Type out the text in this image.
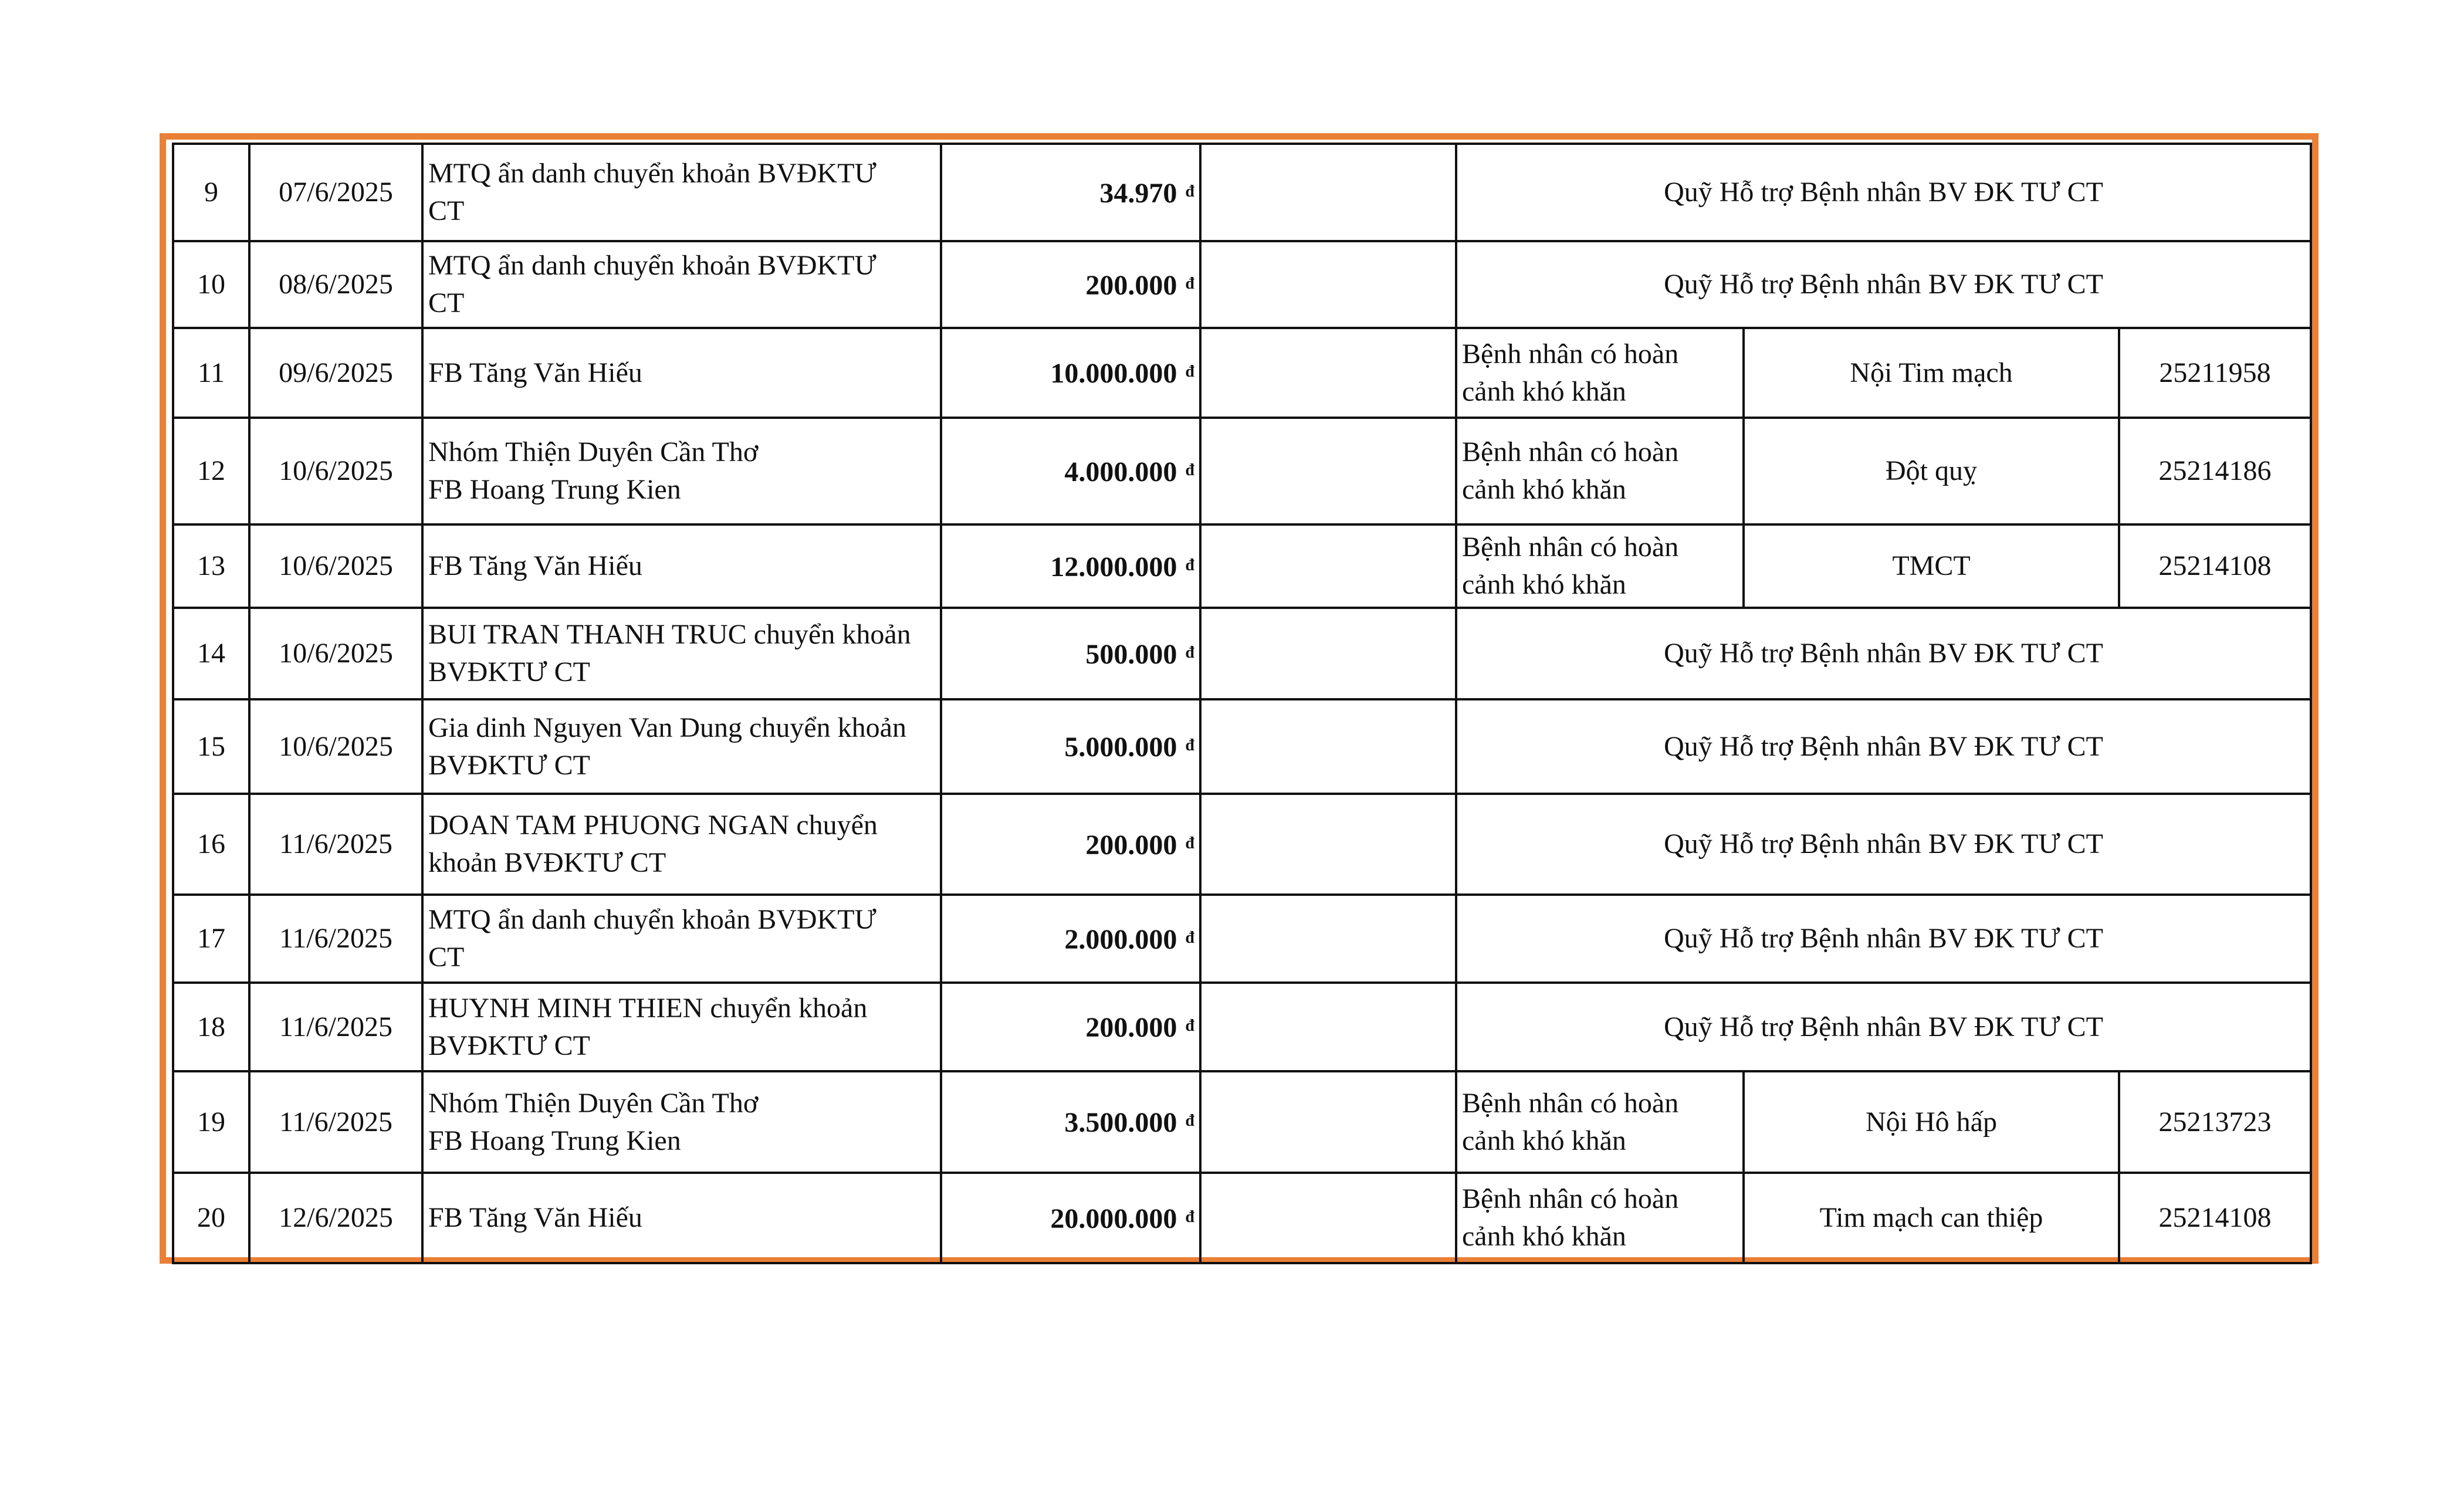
9	07/6/2025	MTQ ẩn danh chuyển khoản BVĐKTƯ
CT	34.970 $^đ$		Quỹ Hỗ trợ Bệnh nhân BV ĐK TƯ CT		
10	08/6/2025	MTQ ẩn danh chuyển khoản BVĐKTƯ
CT	200.000 $^đ$		Quỹ Hỗ trợ Bệnh nhân BV ĐK TƯ CT		
11	09/6/2025	FB Tăng Văn Hiếu	10.000.000 $^đ$		Bệnh nhân có hoàn
cảnh khó khăn	Nội Tim mạch	25211958
12	10/6/2025	Nhóm Thiện Duyên Cần Thơ
FB Hoang Trung Kien	4.000.000 $^đ$		Bệnh nhân có hoàn
cảnh khó khăn	Đột quỵ	25214186
13	10/6/2025	FB Tăng Văn Hiếu	12.000.000 $^đ$		Bệnh nhân có hoàn
cảnh khó khăn	TMCT	25214108
14	10/6/2025	BUI TRAN THANH TRUC chuyển khoản
BVĐKTƯ CT	500.000 $^đ$		Quỹ Hỗ trợ Bệnh nhân BV ĐK TƯ CT		
15	10/6/2025	Gia dinh Nguyen Van Dung chuyển khoản
BVĐKTƯ CT	5.000.000 $^đ$		Quỹ Hỗ trợ Bệnh nhân BV ĐK TƯ CT		
16	11/6/2025	DOAN TAM PHUONG NGAN chuyển
khoản BVĐKTƯ CT	200.000 $^đ$		Quỹ Hỗ trợ Bệnh nhân BV ĐK TƯ CT		
17	11/6/2025	MTQ ẩn danh chuyển khoản BVĐKTƯ
CT	2.000.000 $^đ$		Quỹ Hỗ trợ Bệnh nhân BV ĐK TƯ CT		
18	11/6/2025	HUYNH MINH THIEN chuyển khoản
BVĐKTƯ CT	200.000 $^đ$		Quỹ Hỗ trợ Bệnh nhân BV ĐK TƯ CT		
19	11/6/2025	Nhóm Thiện Duyên Cần Thơ
FB Hoang Trung Kien	3.500.000 $^đ$		Bệnh nhân có hoàn
cảnh khó khăn	Nội Hô hấp	25213723
20	12/6/2025	FB Tăng Văn Hiếu	20.000.000 $^đ$		Bệnh nhân có hoàn
cảnh khó khăn	Tim mạch can thiệp	25214108
